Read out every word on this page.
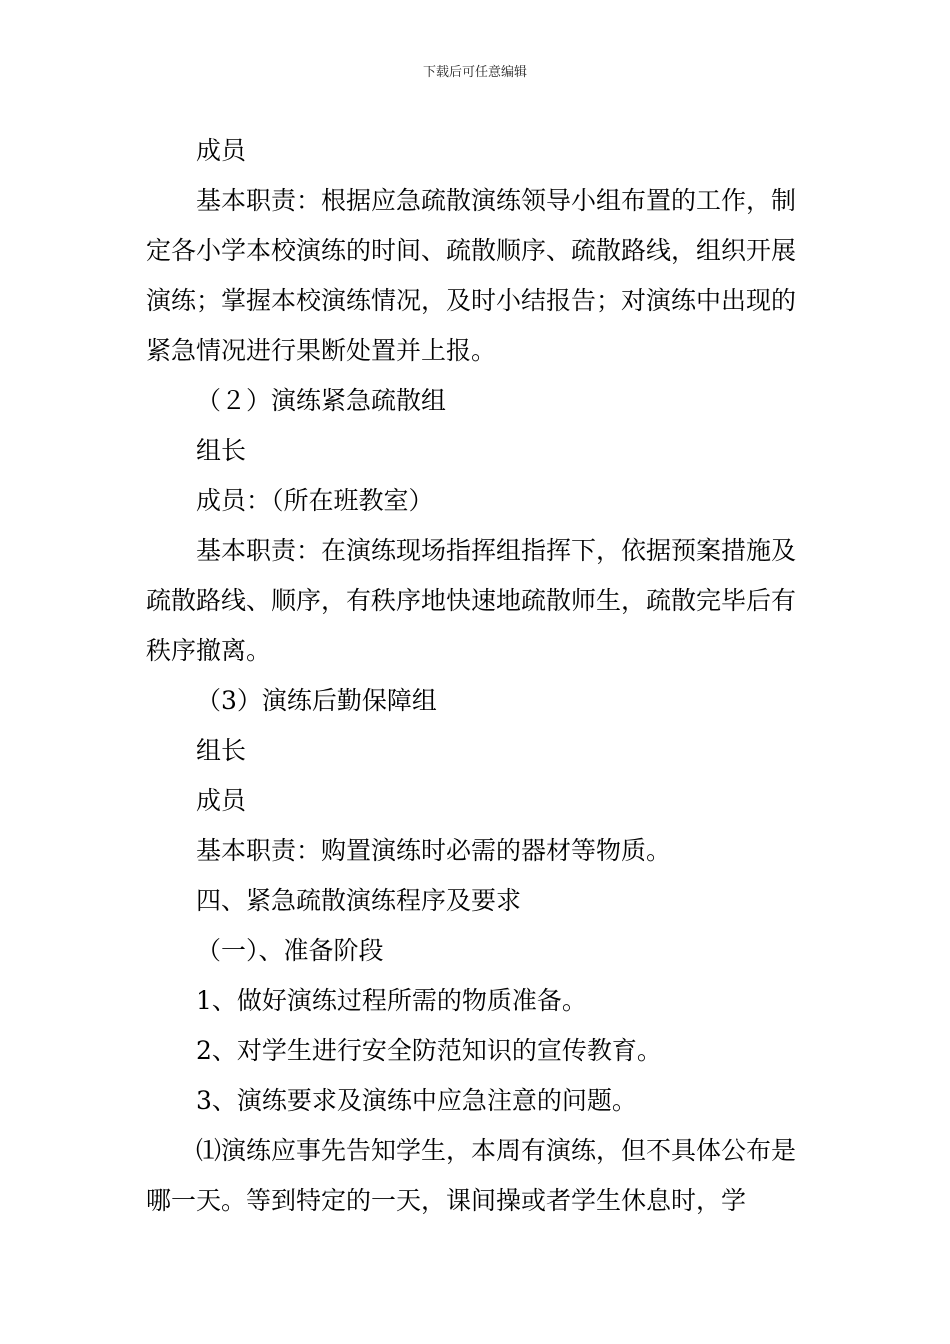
下载后可任意编辑

成员

基本职责：根据应急疏散演练领导小组布置的工作，制定各小学本校演练的时间、疏散顺序、疏散路线，组织开展演练；掌握本校演练情况，及时小结报告；对演练中出现的紧急情况进行果断处置并上报。

（２）演练紧急疏散组

组长

成员：（所在班教室）

基本职责：在演练现场指挥组指挥下，依据预案措施及疏散路线、顺序，有秩序地快速地疏散师生，疏散完毕后有秩序撤离。

（3）演练后勤保障组

组长

成员

基本职责：购置演练时必需的器材等物质。

四、紧急疏散演练程序及要求

（一）、准备阶段

1、做好演练过程所需的物质准备。

2、对学生进行安全防范知识的宣传教育。

3、演练要求及演练中应急注意的问题。

⑴演练应事先告知学生，本周有演练，但不具体公布是哪一天。等到特定的一天，课间操或者学生休息时，学
